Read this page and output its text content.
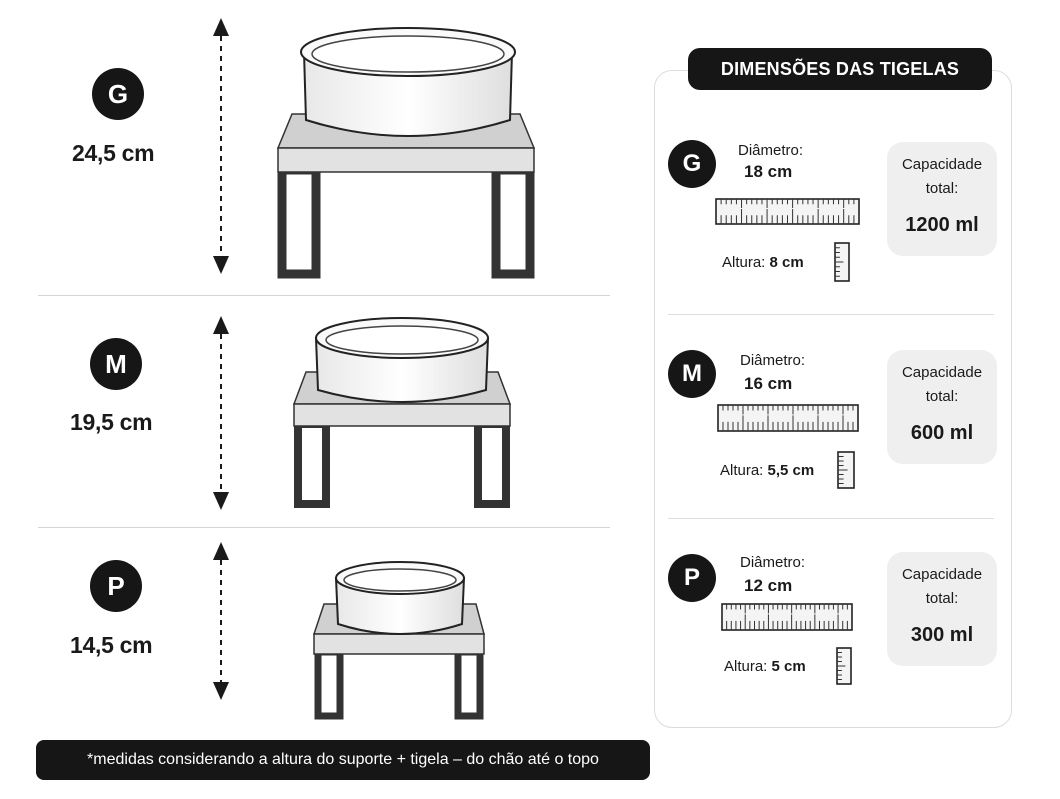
G
24,5 cm
M
19,5 cm
P
14,5 cm
DIMENSÕES DAS TIGELAS
G	Diâmetro:
18 cm
Altura: 8 cm
Capacidade
total:
1200 ml
M	Diâmetro:
16 cm
Altura: 5,5 cm
Capacidade
total:
600 ml
P
Diâmetro:
12 cm
Altura: 5 cm
Capacidade
total:
300 ml
*medidas considerando a altura do suporte + tigela – do chão até o topo
